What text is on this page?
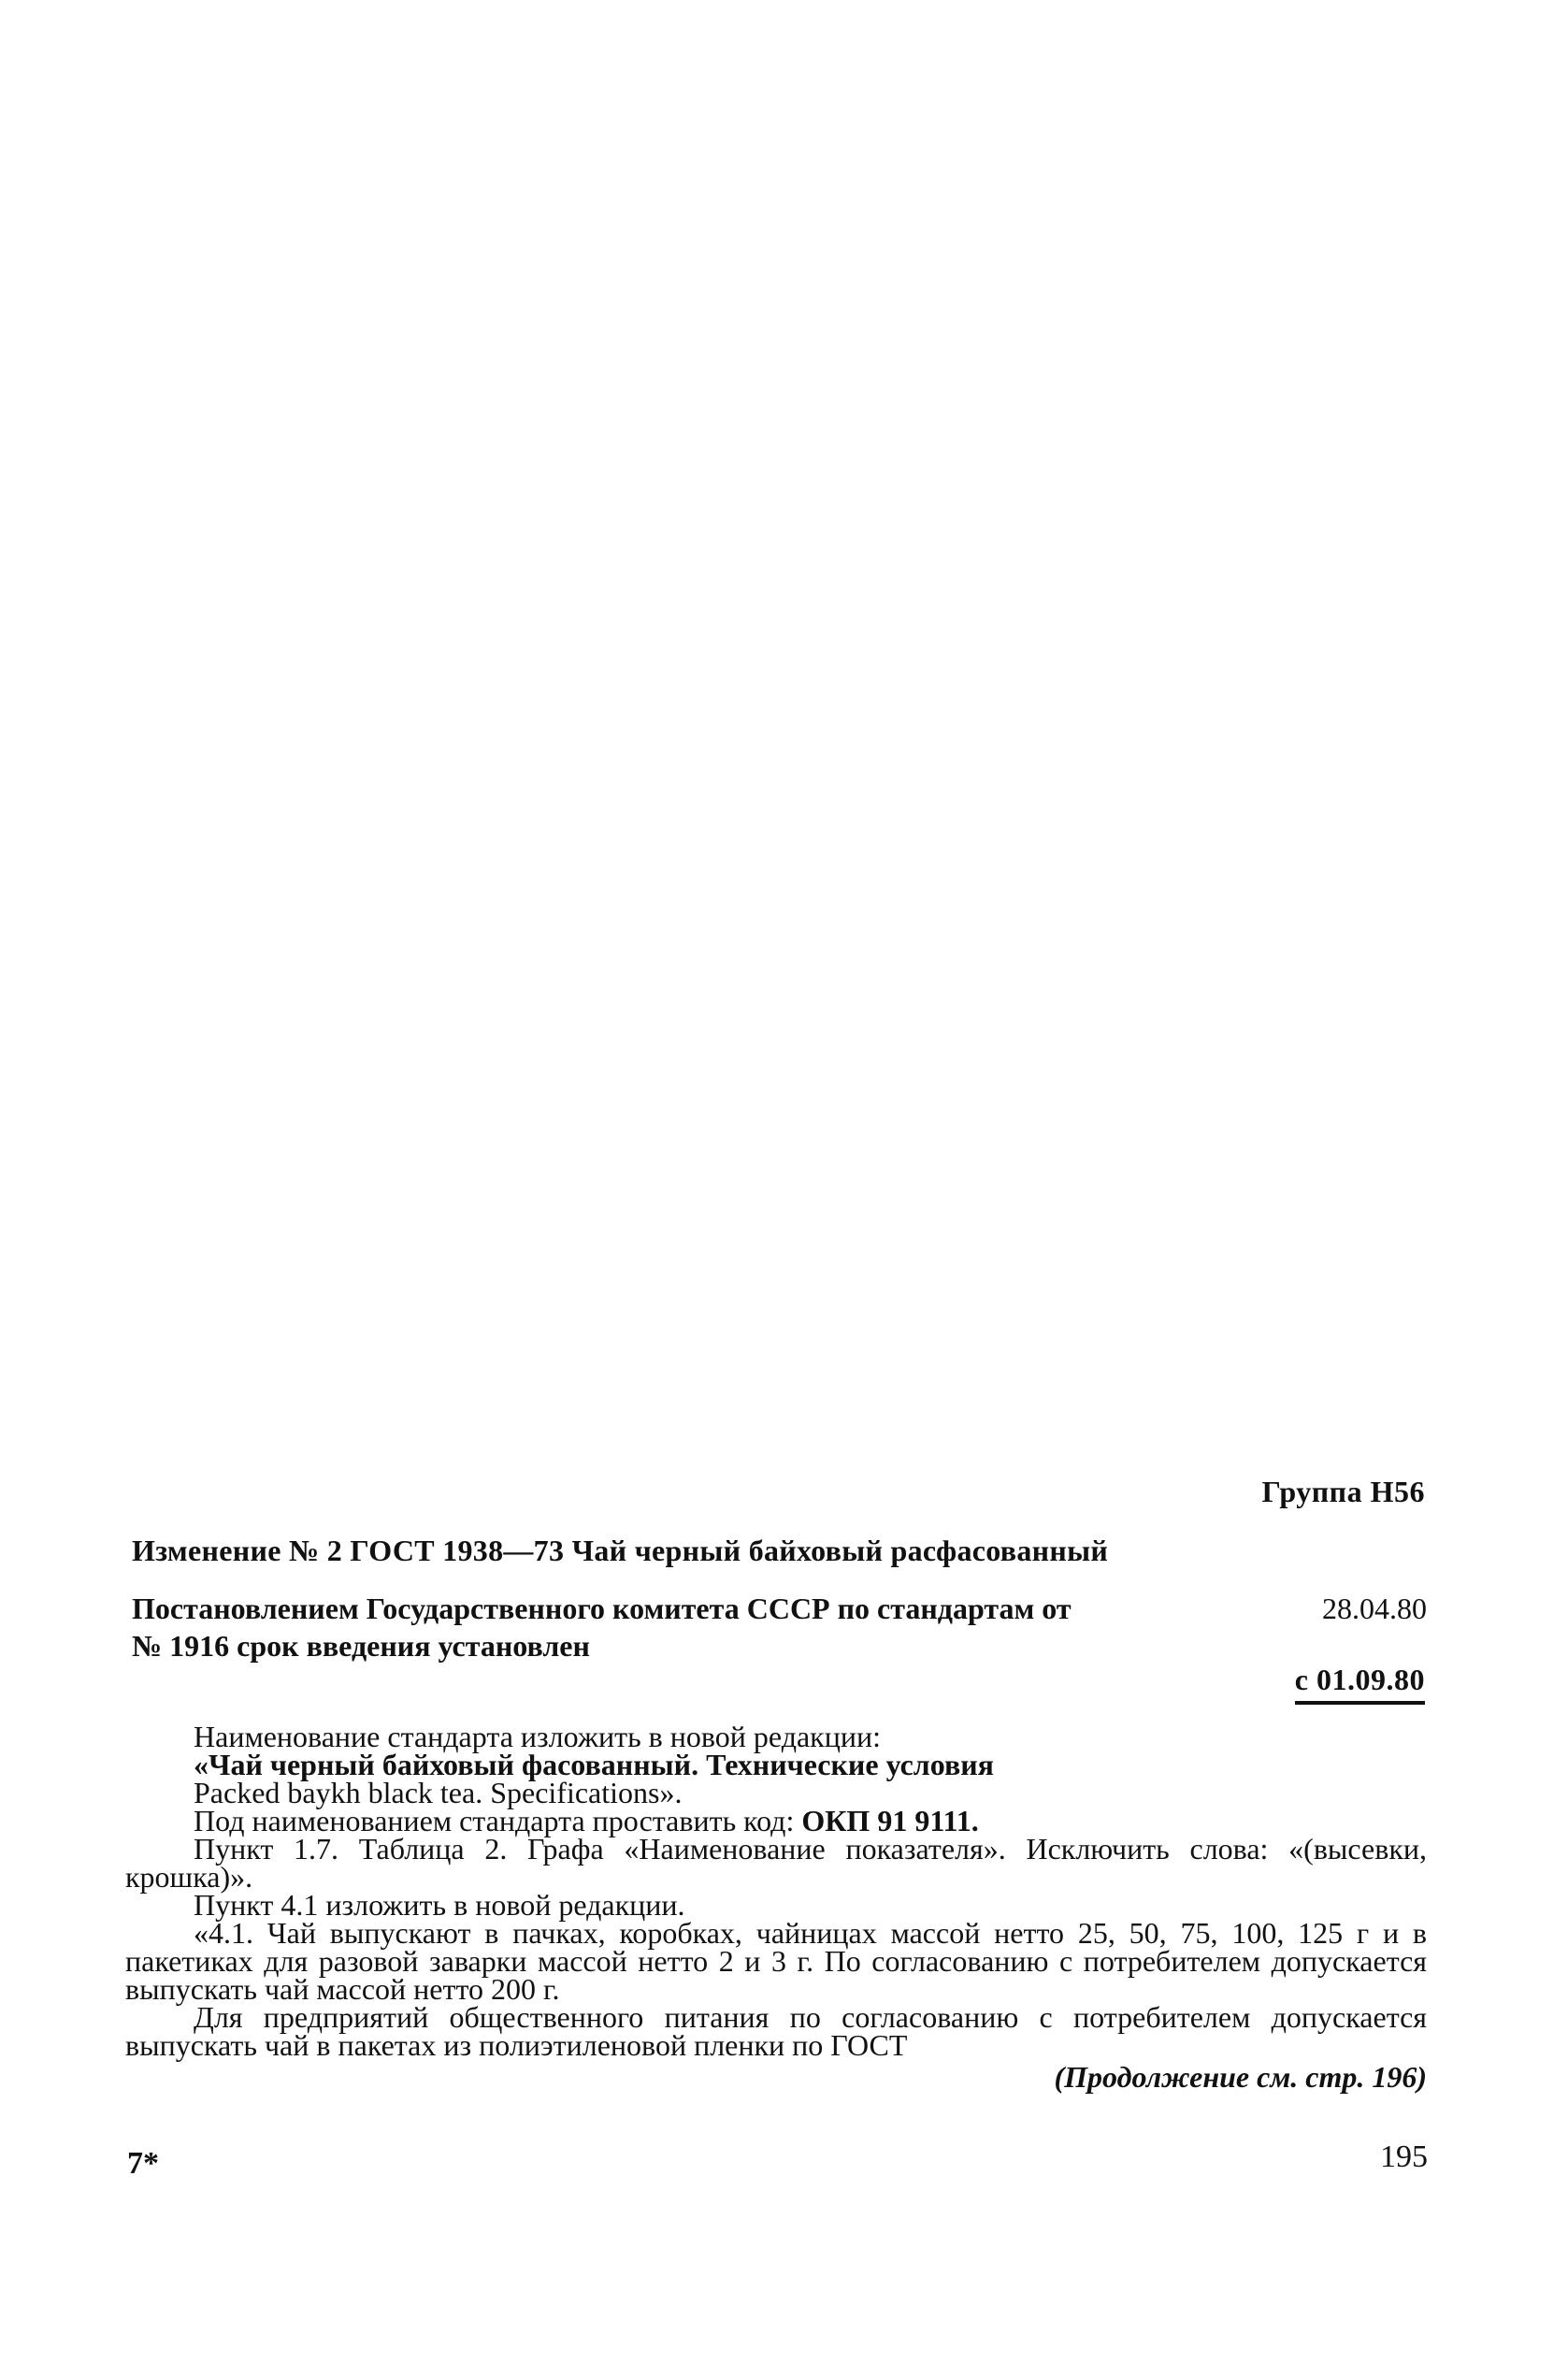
Группа Н56
Изменение № 2 ГОСТ 1938—73 Чай черный байховый расфасованный
Постановлением Государственного комитета СССР по стандартам от	28.04.80
№ 1916 срок введения установлен
с 01.09.80

Наименование стандарта изложить в новой редакции:

«Чай черный байховый фасованный. Технические условия

Packed baykh black tea. Specifications».

Под наименованием стандарта проставить код: ОКП 91 9111.

Пункт 1.7. Таблица 2. Графа «Наименование показателя». Исключить слова: «(высевки, крошка)».

Пункт 4.1 изложить в новой редакции.

«4.1. Чай выпускают в пачках, коробках, чайницах массой нетто 25, 50, 75, 100, 125 г и в пакетиках для разовой заварки массой нетто 2 и 3 г. По согласованию с потребителем допускается выпускать чай массой нетто 200 г.

Для предприятий общественного питания по согласованию с потребителем допускается выпускать чай в пакетах из полиэтиленовой пленки по ГОСТ

(Продолжение см. стр. 196)

7*	195
